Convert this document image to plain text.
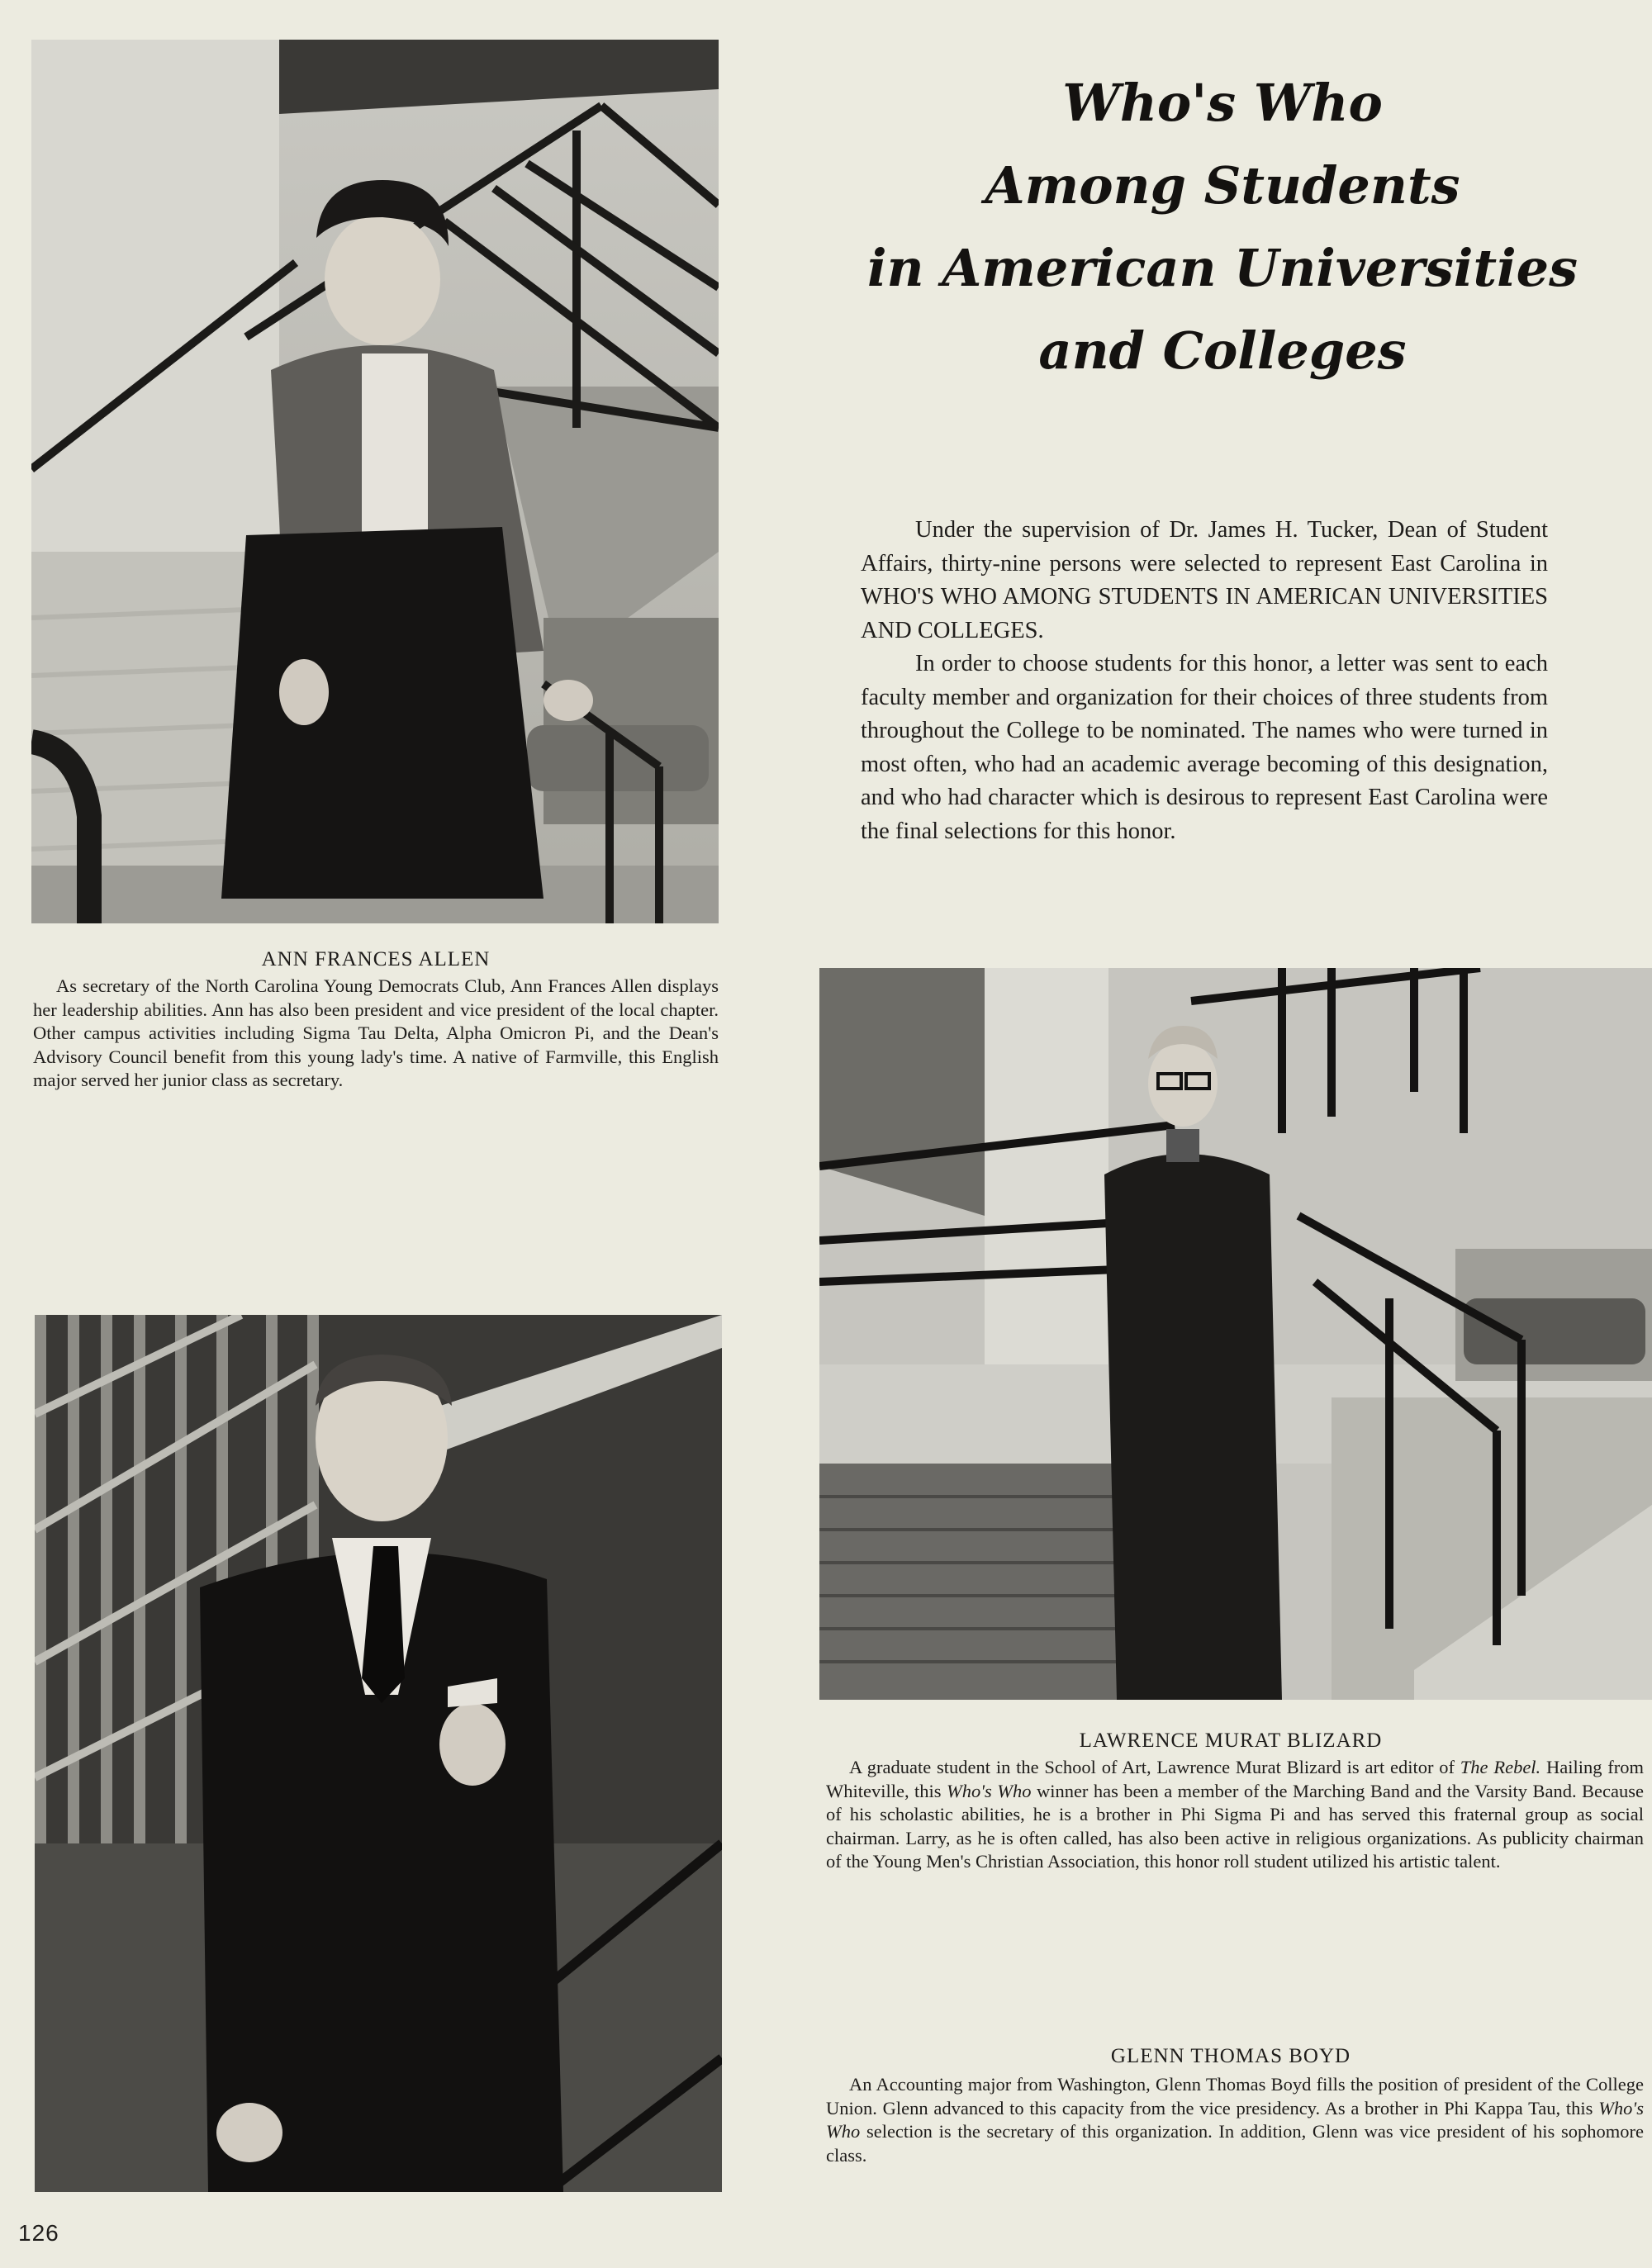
Who's Who
Among Students
in American Universities
and Colleges

Under the supervision of Dr. James H. Tucker, Dean of Student Affairs, thirty-nine persons were selected to represent East Carolina in WHO'S WHO AMONG STUDENTS IN AMERICAN UNIVERSITIES AND COLLEGES.

In order to choose students for this honor, a letter was sent to each faculty member and organization for their choices of three students from throughout the College to be nominated. The names who were turned in most often, who had an academic average becoming of this designation, and who had character which is desirous to represent East Carolina were the final selections for this honor.

ANN FRANCES ALLEN

As secretary of the North Carolina Young Democrats Club, Ann Frances Allen displays her leadership abilities. Ann has also been president and vice president of the local chapter. Other campus activities including Sigma Tau Delta, Alpha Omicron Pi, and the Dean's Advisory Council benefit from this young lady's time. A native of Farmville, this English major served her junior class as secretary.

LAWRENCE MURAT BLIZARD

A graduate student in the School of Art, Lawrence Murat Blizard is art editor of The Rebel. Hailing from Whiteville, this Who's Who winner has been a member of the Marching Band and the Varsity Band. Because of his scholastic abilities, he is a brother in Phi Sigma Pi and has served this fraternal group as social chairman. Larry, as he is often called, has also been active in religious organizations. As publicity chairman of the Young Men's Christian Association, this honor roll student utilized his artistic talent.

GLENN THOMAS BOYD

An Accounting major from Washington, Glenn Thomas Boyd fills the position of president of the College Union. Glenn advanced to this capacity from the vice presidency. As a brother in Phi Kappa Tau, this Who's Who selection is the secretary of this organization. In addition, Glenn was vice president of his sophomore class.

126
